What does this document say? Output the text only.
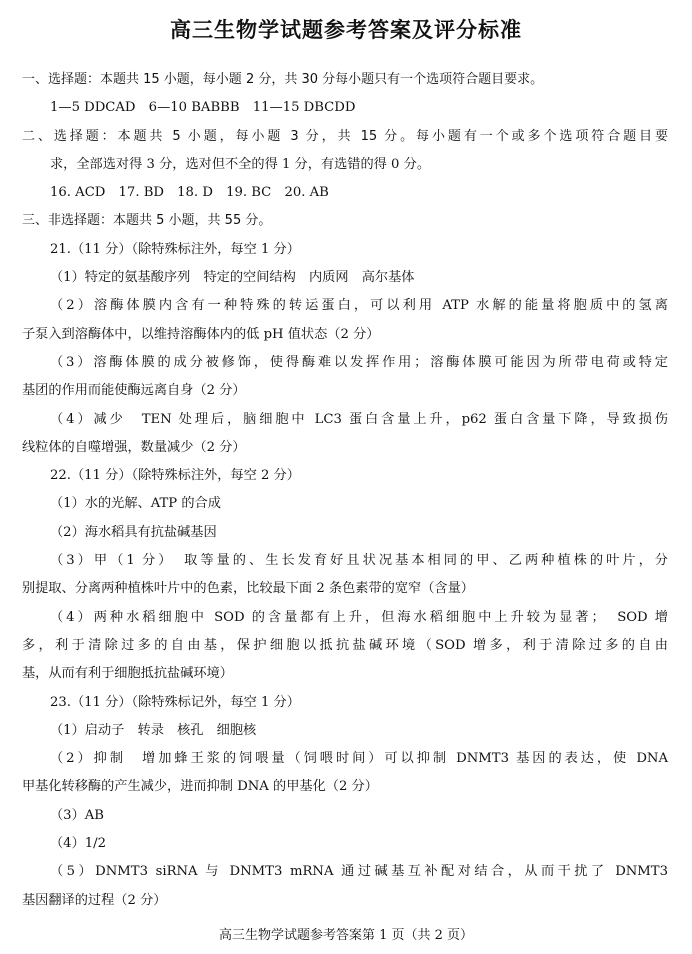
高三生物学试题参考答案及评分标准
一、选择题：本题共 15 小题，每小题 2 分，共 30 分每小题只有一个选项符合题目要求。
1—5 DDCAD　6—10 BABBB　11—15 DBCDD
二、选择题：本题共 5 小题，每小题 3 分，共 15 分。每小题有一个或多个选项符合题目要
求，全部选对得 3 分，选对但不全的得 1 分，有选错的得 0 分。
16. ACD　17. BD　18. D　19. BC　20. AB
三、非选择题：本题共 5 小题，共 55 分。
21.（11 分）（除特殊标注外，每空 1 分）
（1）特定的氨基酸序列　特定的空间结构　内质网　高尔基体
（2）溶酶体膜内含有一种特殊的转运蛋白，可以利用 ATP 水解的能量将胞质中的氢离
子泵入到溶酶体中，以维持溶酶体内的低 pH 值状态（2 分）
（3）溶酶体膜的成分被修饰，使得酶难以发挥作用；溶酶体膜可能因为所带电荷或特定
基团的作用而能使酶远离自身（2 分）
（4）减少　TEN 处理后，脑细胞中 LC3 蛋白含量上升，p62 蛋白含量下降，导致损伤
线粒体的自噬增强，数量减少（2 分）
22.（11 分）（除特殊标注外，每空 2 分）
（1）水的光解、ATP 的合成
（2）海水稻具有抗盐碱基因
（3）甲（1 分）　取等量的、生长发育好且状况基本相同的甲、乙两种植株的叶片，分
别提取、分离两种植株叶片中的色素，比较最下面 2 条色素带的宽窄（含量）
（4）两种水稻细胞中 SOD 的含量都有上升，但海水稻细胞中上升较为显著；　SOD 增
多，利于清除过多的自由基，保护细胞以抵抗盐碱环境（SOD 增多，利于清除过多的自由
基，从而有利于细胞抵抗盐碱环境）
23.（11 分）（除特殊标记外，每空 1 分）
（1）启动子　转录　核孔　细胞核
（2）抑制　增加蜂王浆的饲喂量（饲喂时间）可以抑制 DNMT3 基因的表达，使 DNA
甲基化转移酶的产生减少，进而抑制 DNA 的甲基化（2 分）
（3）AB
（4）1/2
（5）DNMT3 siRNA 与 DNMT3 mRNA 通过碱基互补配对结合，从而干扰了 DNMT3
基因翻译的过程（2 分）
高三生物学试题参考答案第 1 页（共 2 页）
